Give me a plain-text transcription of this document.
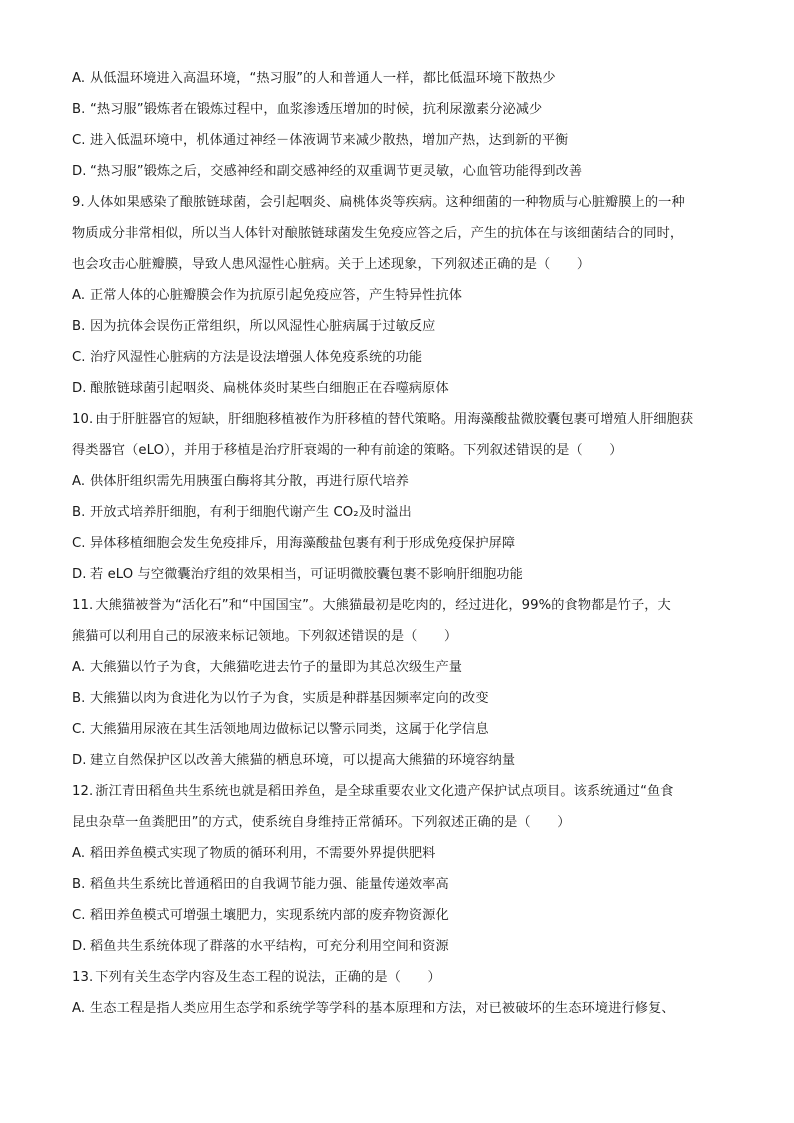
A. 从低温环境进入高温环境，“热习服”的人和普通人一样，都比低温环境下散热少
B. “热习服”锻炼者在锻炼过程中，血浆渗透压增加的时候，抗利尿激素分泌减少
C. 进入低温环境中，机体通过神经－体液调节来减少散热，增加产热，达到新的平衡
D. “热习服”锻炼之后，交感神经和副交感神经的双重调节更灵敏，心血管功能得到改善
9. 人体如果感染了酿脓链球菌，会引起咽炎、扁桃体炎等疾病。这种细菌的一种物质与心脏瓣膜上的一种
物质成分非常相似，所以当人体针对酿脓链球菌发生免疫应答之后，产生的抗体在与该细菌结合的同时，
也会攻击心脏瓣膜，导致人患风湿性心脏病。关于上述现象，下列叙述正确的是（　　）
A. 正常人体的心脏瓣膜会作为抗原引起免疫应答，产生特异性抗体
B. 因为抗体会误伤正常组织，所以风湿性心脏病属于过敏反应
C. 治疗风湿性心脏病的方法是设法增强人体免疫系统的功能
D. 酿脓链球菌引起咽炎、扁桃体炎时某些白细胞正在吞噬病原体
10. 由于肝脏器官的短缺，肝细胞移植被作为肝移植的替代策略。用海藻酸盐微胶囊包裹可增殖人肝细胞获
得类器官（eLO），并用于移植是治疗肝衰竭的一种有前途的策略。下列叙述错误的是（　　）
A. 供体肝组织需先用胰蛋白酶将其分散，再进行原代培养
B. 开放式培养肝细胞，有利于细胞代谢产生 CO₂及时溢出
C. 异体移植细胞会发生免疫排斥，用海藻酸盐包裹有利于形成免疫保护屏障
D. 若 eLO 与空微囊治疗组的效果相当，可证明微胶囊包裹不影响肝细胞功能
11. 大熊猫被誉为“活化石”和“中国国宝”。大熊猫最初是吃肉的，经过进化，99%的食物都是竹子，大
熊猫可以利用自己的尿液来标记领地。下列叙述错误的是（　　）
A. 大熊猫以竹子为食，大熊猫吃进去竹子的量即为其总次级生产量
B. 大熊猫以肉为食进化为以竹子为食，实质是种群基因频率定向的改变
C. 大熊猫用尿液在其生活领地周边做标记以警示同类，这属于化学信息
D. 建立自然保护区以改善大熊猫的栖息环境，可以提高大熊猫的环境容纳量
12. 浙江青田稻鱼共生系统也就是稻田养鱼，是全球重要农业文化遗产保护试点项目。该系统通过“鱼食
昆虫杂草一鱼粪肥田”的方式，使系统自身维持正常循环。下列叙述正确的是（　　）
A. 稻田养鱼模式实现了物质的循环利用，不需要外界提供肥料
B. 稻鱼共生系统比普通稻田的自我调节能力强、能量传递效率高
C. 稻田养鱼模式可增强土壤肥力，实现系统内部的废弃物资源化
D. 稻鱼共生系统体现了群落的水平结构，可充分利用空间和资源
13. 下列有关生态学内容及生态工程的说法，正确的是（　　）
A. 生态工程是指人类应用生态学和系统学等学科的基本原理和方法，对已被破坏的生态环境进行修复、
